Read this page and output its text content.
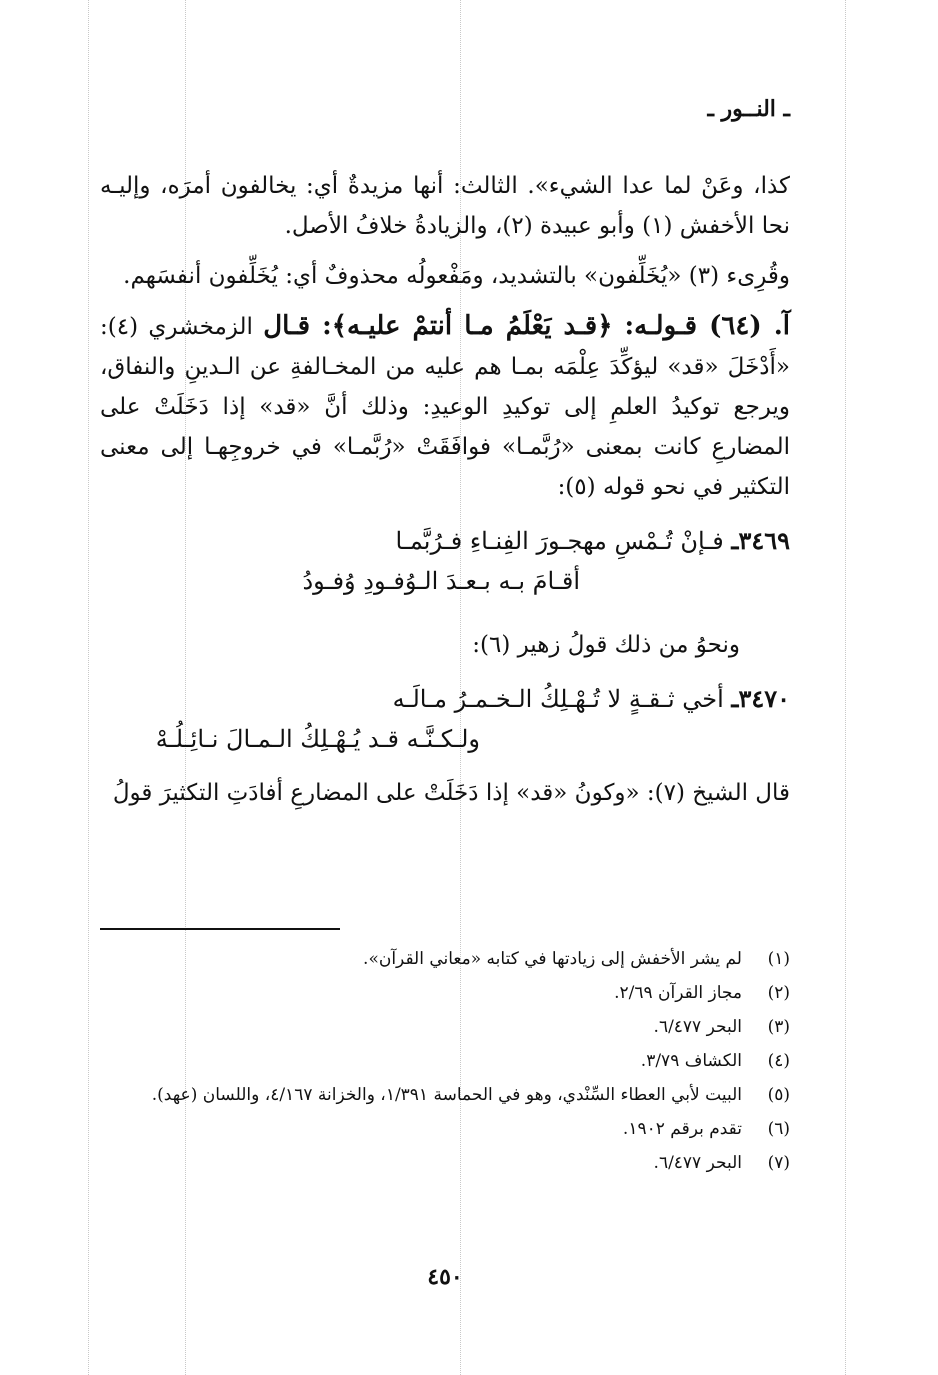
ـ النــور ـ

كذا، وعَنْ لما عدا الشيء». الثالث: أنها مزيدةٌ أي: يخالفون أمرَه، وإليـه نحا الأخفش (١) وأبو عبيدة (٢)، والزيادةُ خلافُ الأصل.

وقُرِىء (٣) «يُخَلِّفون» بالتشديد، ومَفْعولُه محذوفٌ أي: يُخَلِّفون أنفسَهم.

آ. (٦٤) قـولـه: ﴿قـد يَعْلَمُ مـا أنتمْ عليـه﴾: قـال الزمخشري (٤): «أَدْخَلَ «قد» ليؤكِّدَ عِلْمَه بمـا هم عليه من المخـالفةِ عن الـدينِ والنفاق، ويرجع توكيدُ العلمِ إلى توكيدِ الوعيدِ: وذلك أنَّ «قد» إذا دَخَلَتْ على المضارعِ كانت بمعنى «رُبَّمـا» فوافَقَتْ «رُبَّمـا» في خروجِهـا إلى معنى التكثير في نحو قوله (٥):

٣٤٦٩ـ فـإنْ تُـمْسِ مهجـورَ الفِنـاءِ فـرُبَّمـا
أقـامَ بـه بـعـدَ الـوُفـودِ وُفـودُ

ونحوُ من ذلك قولُ زهير (٦):

٣٤٧٠ـ أخي ثـقـةٍ لا تُـهْـلِكُ الـخـمـرُ مـالَـه
ولـكـنَّـه قـد يُـهْـلِكُ الـمـالَ نـائِـلُـهْ

قال الشيخ (٧): «وكونُ «قد» إذا دَخَلَتْ على المضارعِ أفادَتِ التكثيرَ قولُ

(١)
لم يشر الأخفش إلى زيادتها في كتابه «معاني القرآن».
(٢)
مجاز القرآن ٢/٦٩.
(٣)
البحر ٦/٤٧٧.
(٤)
الكشاف ٣/٧٩.
(٥)
البيت لأبي العطاء السِّنْدي، وهو في الحماسة ١/٣٩١، والخزانة ٤/١٦٧، واللسان (عهد).
(٦)
تقدم برقم ١٩٠٢.
(٧)
البحر ٦/٤٧٧.
٤٥٠
